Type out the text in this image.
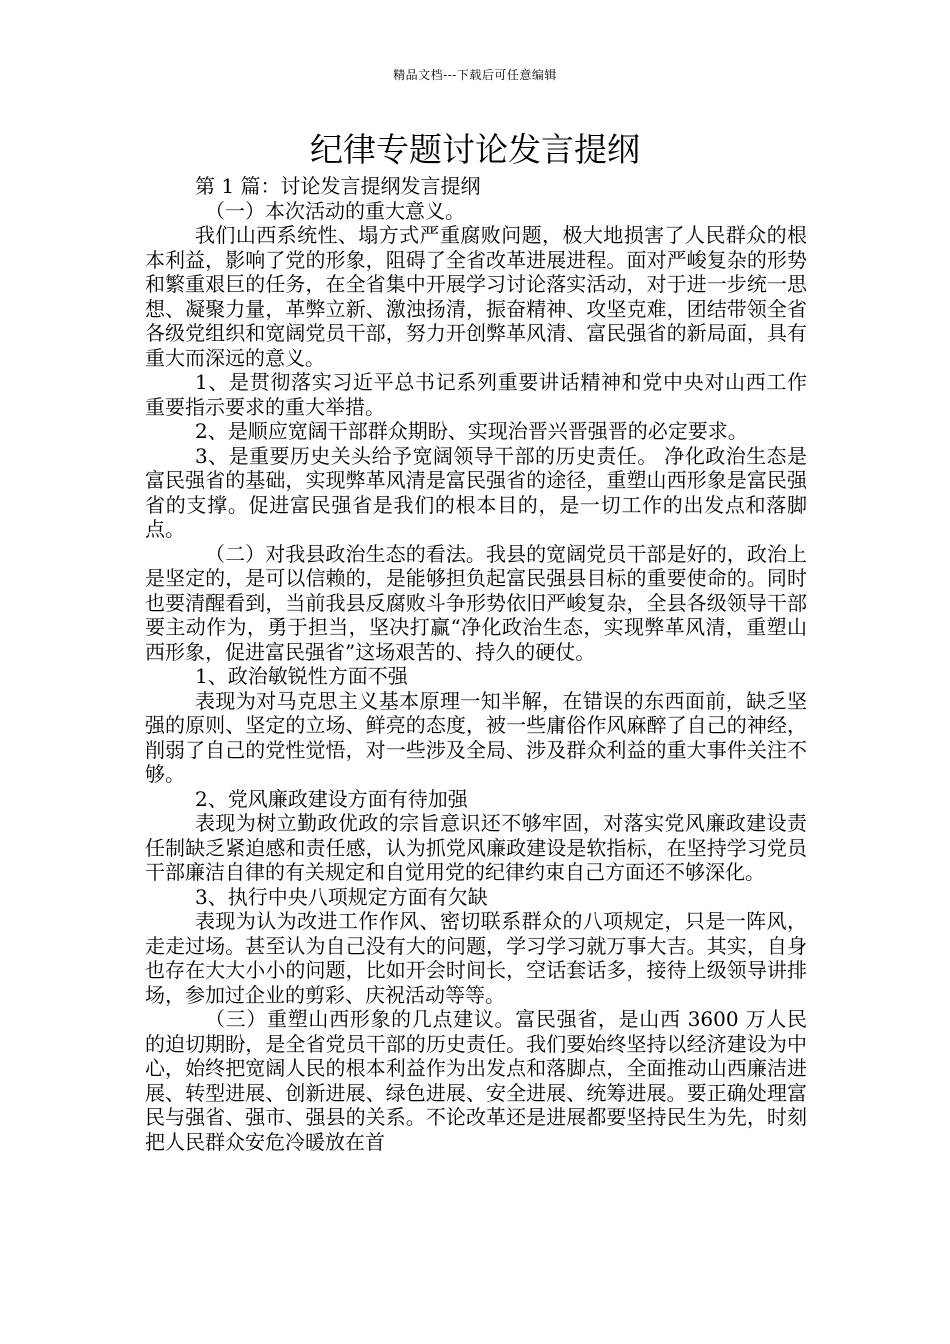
精品文档---下载后可任意编辑
纪律专题讨论发言提纲

第 1 篇：讨论发言提纲发言提纲

（一）本次活动的重大意义。

我们山西系统性、塌方式严重腐败问题，极大地损害了人民群众的根本利益，影响了党的形象，阻碍了全省改革进展进程。面对严峻复杂的形势和繁重艰巨的任务，在全省集中开展学习讨论落实活动，对于进一步统一思想、凝聚力量，革弊立新、激浊扬清，振奋精神、攻坚克难，团结带领全省各级党组织和宽阔党员干部，努力开创弊革风清、富民强省的新局面，具有重大而深远的意义。

1、是贯彻落实习近平总书记系列重要讲话精神和党中央对山西工作重要指示要求的重大举措。

2、是顺应宽阔干部群众期盼、实现治晋兴晋强晋的必定要求。

3、是重要历史关头给予宽阔领导干部的历史责任。 净化政治生态是富民强省的基础，实现弊革风清是富民强省的途径，重塑山西形象是富民强省的支撑。促进富民强省是我们的根本目的，是一切工作的出发点和落脚点。

（二）对我县政治生态的看法。我县的宽阔党员干部是好的，政治上是坚定的，是可以信赖的，是能够担负起富民强县目标的重要使命的。同时也要清醒看到，当前我县反腐败斗争形势依旧严峻复杂，全县各级领导干部要主动作为，勇于担当，坚决打赢“净化政治生态，实现弊革风清，重塑山西形象，促进富民强省”这场艰苦的、持久的硬仗。

1、政治敏锐性方面不强

表现为对马克思主义基本原理一知半解，在错误的东西面前，缺乏坚强的原则、坚定的立场、鲜亮的态度，被一些庸俗作风麻醉了自己的神经，削弱了自己的党性觉悟，对一些涉及全局、涉及群众利益的重大事件关注不够。

2、党风廉政建设方面有待加强

表现为树立勤政优政的宗旨意识还不够牢固，对落实党风廉政建设责任制缺乏紧迫感和责任感，认为抓党风廉政建设是软指标，在坚持学习党员干部廉洁自律的有关规定和自觉用党的纪律约束自己方面还不够深化。

3、执行中央八项规定方面有欠缺

表现为认为改进工作作风、密切联系群众的八项规定，只是一阵风，走走过场。甚至认为自己没有大的问题，学习学习就万事大吉。其实，自身也存在大大小小的问题，比如开会时间长，空话套话多，接待上级领导讲排场，参加过企业的剪彩、庆祝活动等等。

（三）重塑山西形象的几点建议。富民强省，是山西 3600 万人民的迫切期盼，是全省党员干部的历史责任。我们要始终坚持以经济建设为中心，始终把宽阔人民的根本利益作为出发点和落脚点，全面推动山西廉洁进展、转型进展、创新进展、绿色进展、安全进展、统筹进展。要正确处理富民与强省、强市、强县的关系。不论改革还是进展都要坚持民生为先，时刻把人民群众安危冷暖放在首
